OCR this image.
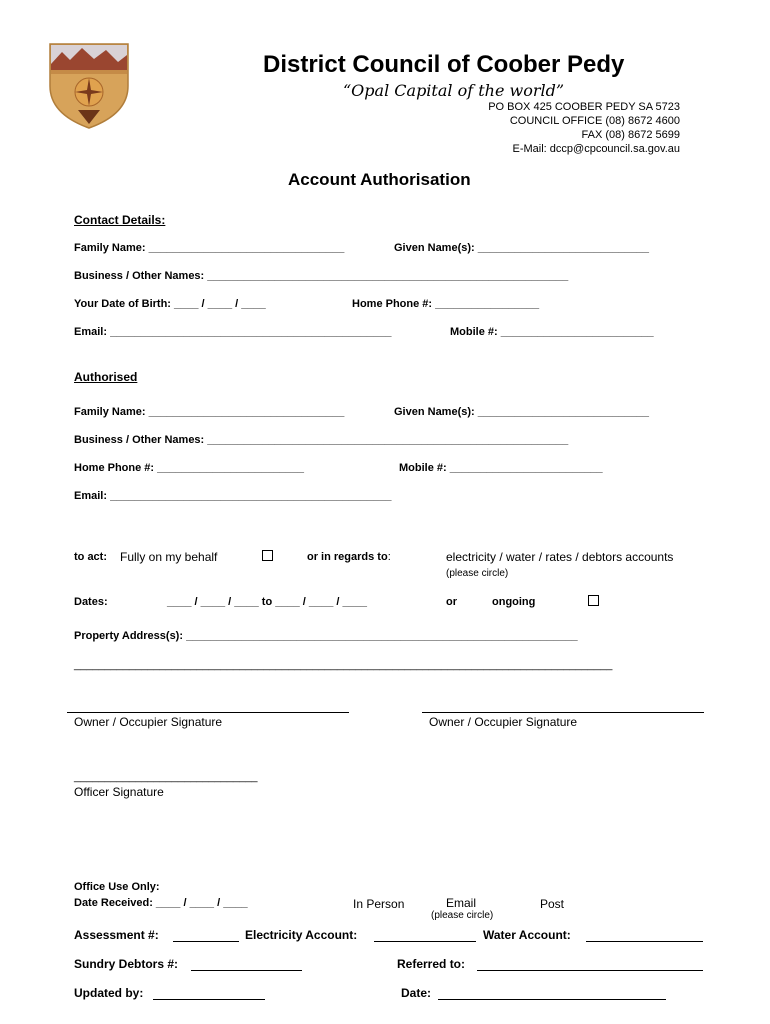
District Council of Coober Pedy
“Opal Capital of the world”
PO BOX 425 COOBER PEDY SA 5723
COUNCIL OFFICE (08) 8672 4600
FAX (08) 8672 5699
E-Mail: dccp@cpcouncil.sa.gov.au
Account Authorisation
Contact Details:
Family Name: ________________________________	Given Name(s): ____________________________
Business / Other Names: ___________________________________________________________
Your Date of Birth: ____ / ____ / ____	Home Phone #: _________________
Email: ______________________________________________	Mobile #: _________________________
Authorised
Family Name: ________________________________	Given Name(s): ____________________________
Business / Other Names: ___________________________________________________________
Home Phone #: ________________________	Mobile #: _________________________
Email: ______________________________________________
to act: Fully on my behalf	or in regards to:	electricity / water / rates / debtors accounts
(please circle)
Dates:	____ / ____ / ____ to ____ / ____ / ____	or	ongoing
Property Address(s): ________________________________________________________________
________________________________________________________________________________________
Owner / Occupier Signature	Owner / Occupier Signature
______________________________
Officer Signature
Office Use Only:
Date Received: ____ / ____ / ____	In Person	Email	Post
(please circle)
Assessment #:	Electricity Account:	Water Account:
Sundry Debtors #:	Referred to:
Updated by:	Date:
